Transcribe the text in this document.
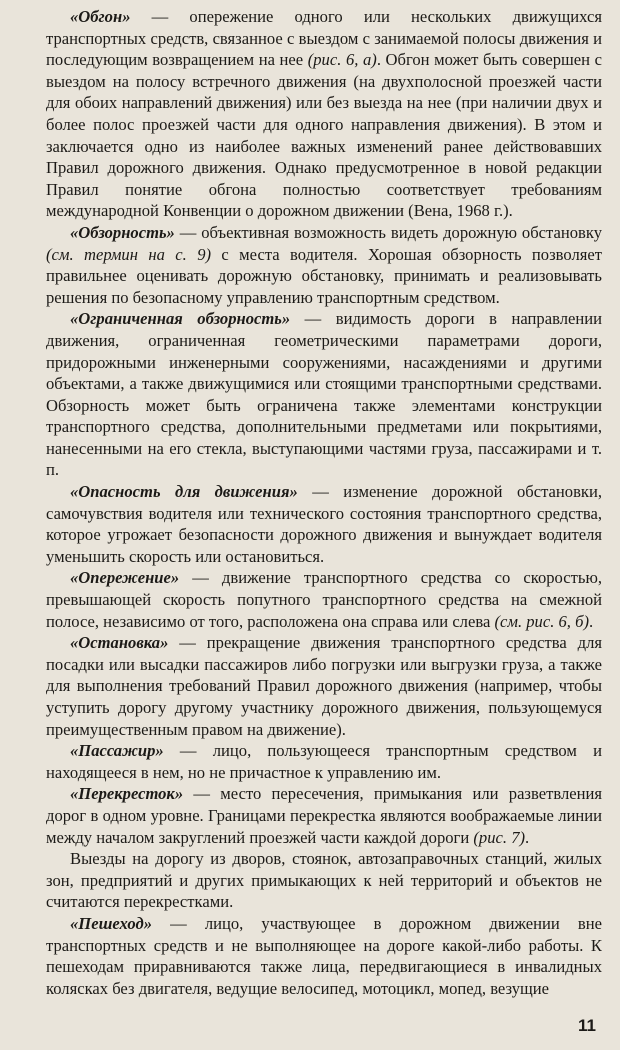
«Обгон» — опережение одного или нескольких движущихся транспортных средств, связанное с выездом с занимаемой полосы движения и последующим возвращением на нее (рис. 6, а). Обгон может быть совершен с выездом на полосу встречного движения (на двухполосной проезжей части для обоих направлений движения) или без выезда на нее (при наличии двух и более полос проезжей части для одного направления движения). В этом и заключается одно из наиболее важных изменений ранее действовавших Правил дорожного движения. Однако предусмотренное в новой редакции Правил понятие обгона полностью соответствует требованиям международной Конвенции о дорожном движении (Вена, 1968 г.).

«Обзорность» — объективная возможность видеть дорожную обстановку (см. термин на с. 9) с места водителя. Хорошая обзорность позволяет правильнее оценивать дорожную обстановку, принимать и реализовывать решения по безопасному управлению транспортным средством.

«Ограниченная обзорность» — видимость дороги в направлении движения, ограниченная геометрическими параметрами дороги, придорожными инженерными сооружениями, насаждениями и другими объектами, а также движущимися или стоящими транспортными средствами. Обзорность может быть ограничена также элементами конструкции транспортного средства, дополнительными предметами или покрытиями, нанесенными на его стекла, выступающими частями груза, пассажирами и т. п.

«Опасность для движения» — изменение дорожной обстановки, самочувствия водителя или технического состояния транспортного средства, которое угрожает безопасности дорожного движения и вынуждает водителя уменьшить скорость или остановиться.

«Опережение» — движение транспортного средства со скоростью, превышающей скорость попутного транспортного средства на смежной полосе, независимо от того, расположена она справа или слева (см. рис. 6, б).

«Остановка» — прекращение движения транспортного средства для посадки или высадки пассажиров либо погрузки или выгрузки груза, а также для выполнения требований Правил дорожного движения (например, чтобы уступить дорогу другому участнику дорожного движения, пользующемуся преимущественным правом на движение).

«Пассажир» — лицо, пользующееся транспортным средством и находящееся в нем, но не причастное к управлению им.

«Перекресток» — место пересечения, примыкания или разветвления дорог в одном уровне. Границами перекрестка являются воображаемые линии между началом закруглений проезжей части каждой дороги (рис. 7).

Выезды на дорогу из дворов, стоянок, автозаправочных станций, жилых зон, предприятий и других примыкающих к ней территорий и объектов не считаются перекрестками.

«Пешеход» — лицо, участвующее в дорожном движении вне транспортных средств и не выполняющее на дороге какой-либо работы. К пешеходам приравниваются также лица, передвигающиеся в инвалидных колясках без двигателя, ведущие велосипед, мотоцикл, мопед, везущие

11
